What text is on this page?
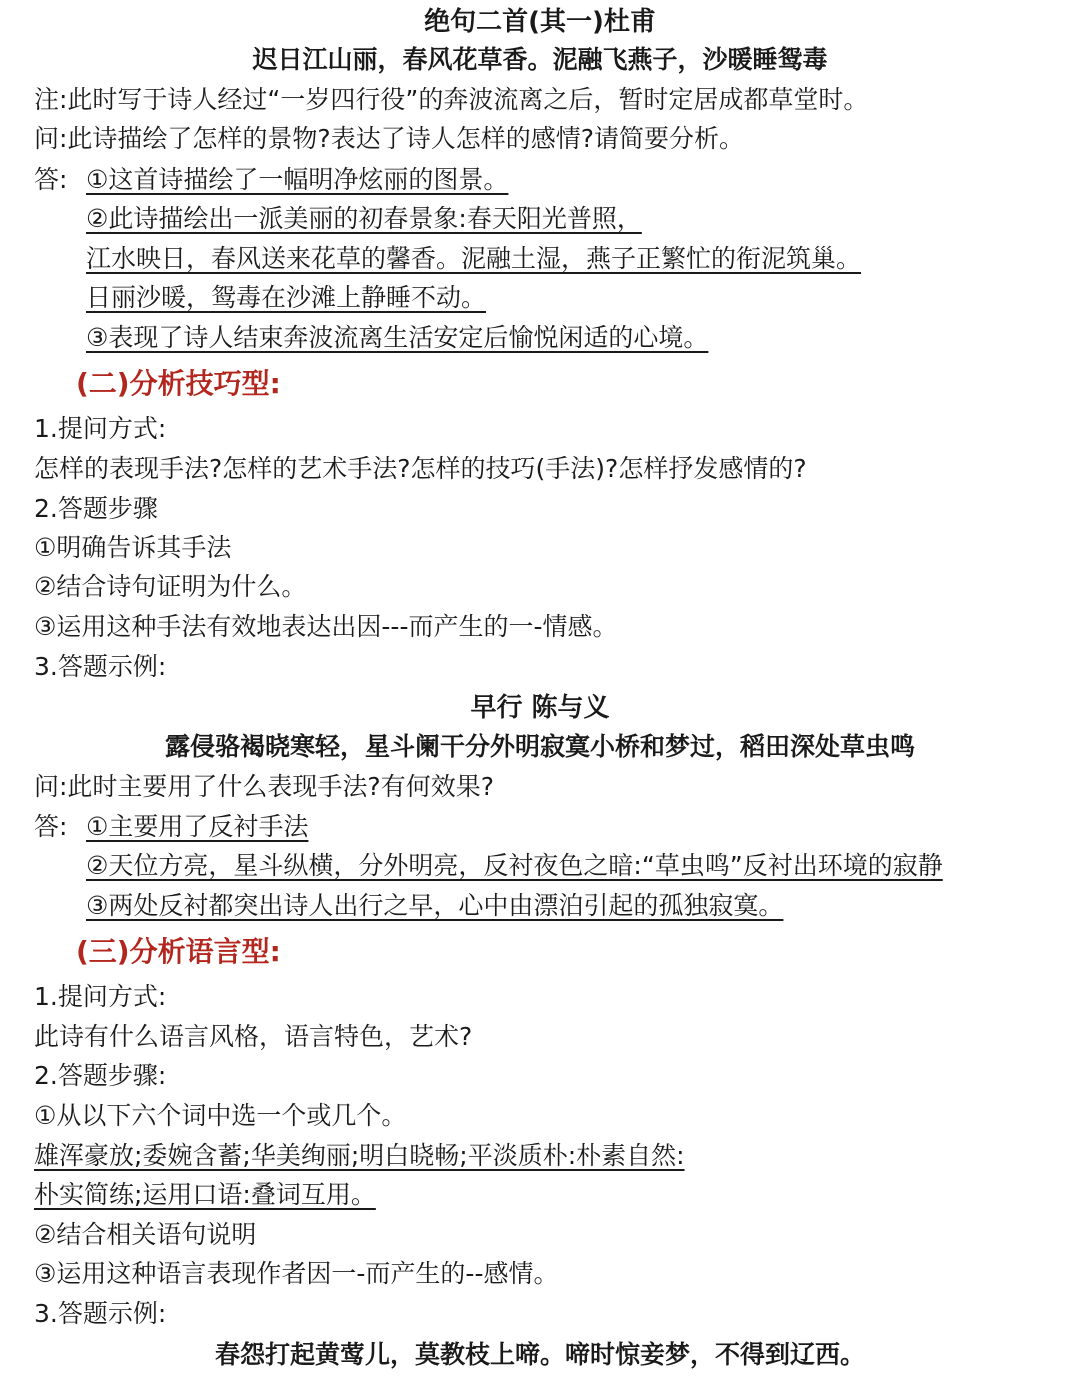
绝句二首(其一)杜甫
迟日江山丽，春风花草香。泥融飞燕子，沙暖睡鸳毒
注:此时写于诗人经过“一岁四行役”的奔波流离之后，暂时定居成都草堂时。
问:此诗描绘了怎样的景物?表达了诗人怎样的感情?请简要分析。
答: ①这首诗描绘了一幅明净炫丽的图景。
②此诗描绘出一派美丽的初春景象:春天阳光普照，
江水映日，春风送来花草的馨香。泥融土湿，燕子正繁忙的衔泥筑巢。
日丽沙暖，鸳毒在沙滩上静睡不动。
③表现了诗人结束奔波流离生活安定后愉悦闲适的心境。
(二)分析技巧型:
1.提问方式:
怎样的表现手法?怎样的艺术手法?怎样的技巧(手法)?怎样抒发感情的?
2.答题步骤
①明确告诉其手法
②结合诗句证明为什么。
③运用这种手法有效地表达出因---而产生的一-情感。
3.答题示例:
早行 陈与义
露侵骆褐晓寒轻，星斗阑干分外明寂寞小桥和梦过，稻田深处草虫鸣
问:此时主要用了什么表现手法?有何效果?
答: ①主要用了反衬手法
②天位方亮，星斗纵横，分外明亮，反衬夜色之暗:“草虫鸣”反衬出环境的寂静
③两处反衬都突出诗人出行之早，心中由漂泊引起的孤独寂寞。
(三)分析语言型:
1.提问方式:
此诗有什么语言风格，语言特色，艺术?
2.答题步骤:
①从以下六个词中选一个或几个。
雄浑豪放;委婉含蓄;华美绚丽;明白晓畅;平淡质朴:朴素自然:
朴实简练;运用口语:叠词互用。
②结合相关语句说明
③运用这种语言表现作者因一-而产生的--感情。
3.答题示例:
春怨打起黄莺儿，莫教枝上啼。啼时惊妾梦，不得到辽西。
